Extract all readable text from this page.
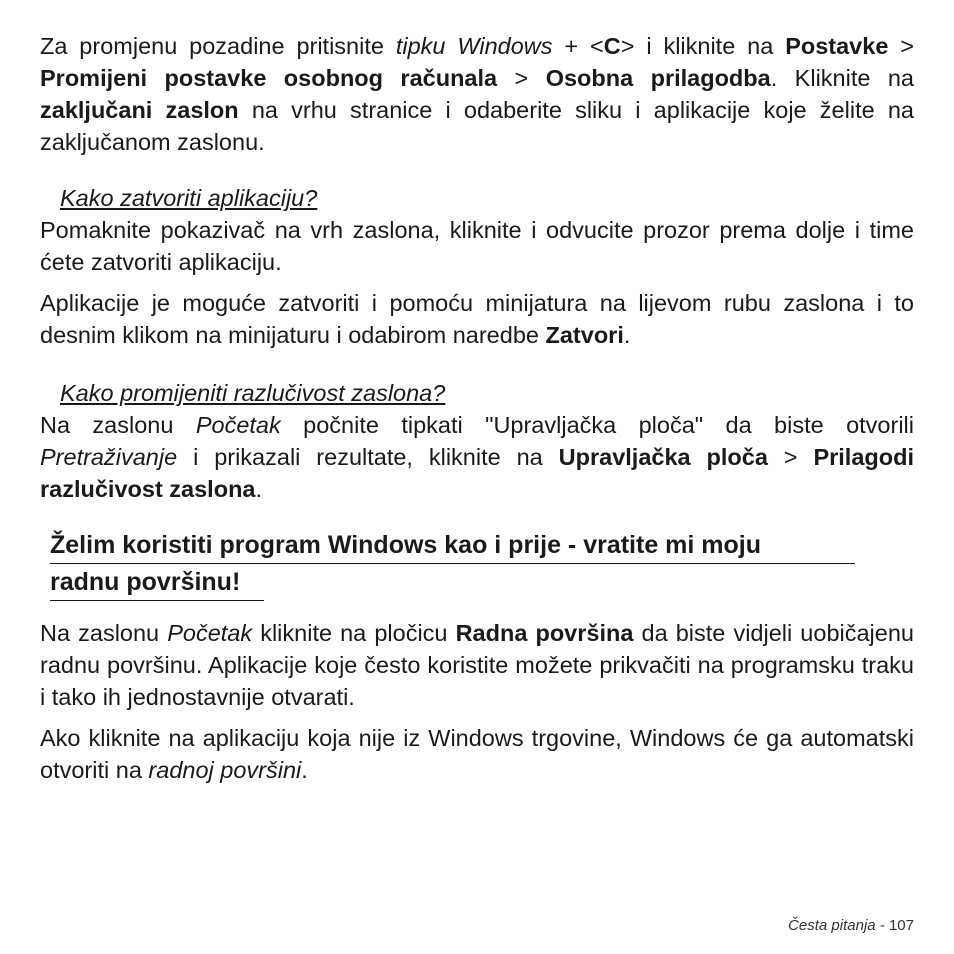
Za promjenu pozadine pritisnite tipku Windows + <C> i kliknite na Postavke > Promijeni postavke osobnog računala > Osobna prilagodba. Kliknite na zaključani zaslon na vrhu stranice i odaberite sliku i aplikacije koje želite na zaključanom zaslonu.

Kako zatvoriti aplikaciju?

Pomaknite pokazivač na vrh zaslona, kliknite i odvucite prozor prema dolje i time ćete zatvoriti aplikaciju.

Aplikacije je moguće zatvoriti i pomoću minijatura na lijevom rubu zaslona i to desnim klikom na minijaturu i odabirom naredbe Zatvori.

Kako promijeniti razlučivost zaslona?

Na zaslonu Početak počnite tipkati "Upravljačka ploča" da biste otvorili Pretraživanje i prikazali rezultate, kliknite na Upravljačka ploča > Prilagodi razlučivost zaslona.

Želim koristiti program Windows kao i prije - vratite mi moju
radnu površinu!

Na zaslonu Početak kliknite na pločicu Radna površina da biste vidjeli uobičajenu radnu površinu. Aplikacije koje često koristite možete prikvačiti na programsku traku i tako ih jednostavnije otvarati.

Ako kliknite na aplikaciju koja nije iz Windows trgovine, Windows će ga automatski otvoriti na radnoj površini.

Česta pitanja - 107
